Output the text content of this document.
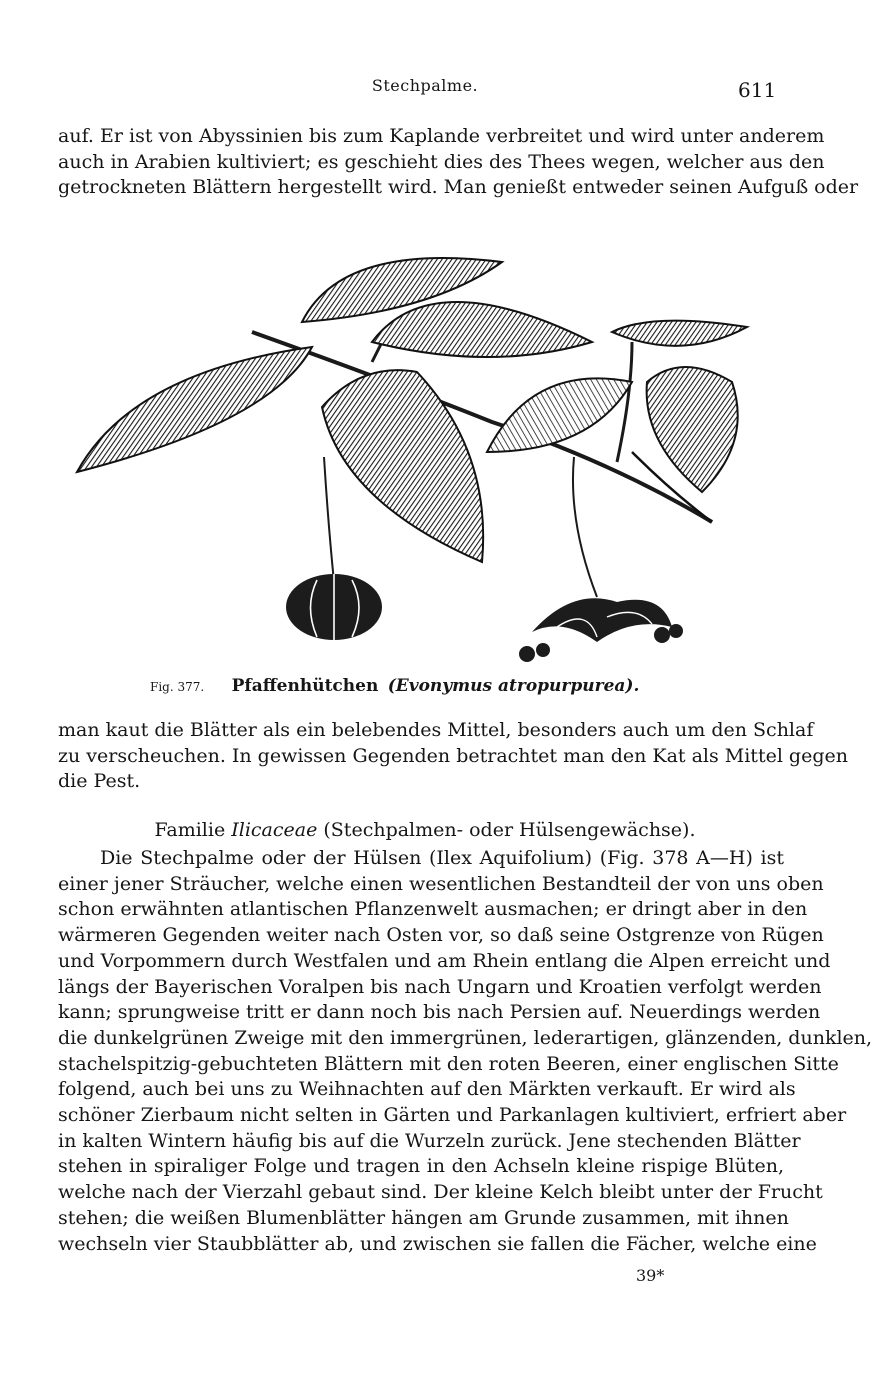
Stechpalme.	611
auf. Er ist von Abyssinien bis zum Kaplande verbreitet und wird unter anderem
auch in Arabien kultiviert; es geschieht dies des Thees wegen, welcher aus den
getrockneten Blättern hergestellt wird. Man genießt entweder seinen Aufguß oder
Fig. 377. Pfaffenhütchen (Evonymus atropurpurea).
man kaut die Blätter als ein belebendes Mittel, besonders auch um den Schlaf
zu verscheuchen. In gewissen Gegenden betrachtet man den Kat als Mittel gegen
die Pest.
Familie Ilicaceae (Stechpalmen- oder Hülsengewächse).
Die Stechpalme oder der Hülsen (Ilex Aquifolium) (Fig. 378 A—H) ist
einer jener Sträucher, welche einen wesentlichen Bestandteil der von uns oben
schon erwähnten atlantischen Pflanzenwelt ausmachen; er dringt aber in den
wärmeren Gegenden weiter nach Osten vor, so daß seine Ostgrenze von Rügen
und Vorpommern durch Westfalen und am Rhein entlang die Alpen erreicht und
längs der Bayerischen Voralpen bis nach Ungarn und Kroatien verfolgt werden
kann; sprungweise tritt er dann noch bis nach Persien auf. Neuerdings werden
die dunkelgrünen Zweige mit den immergrünen, lederartigen, glänzenden, dunklen,
stachelspitzig-gebuchteten Blättern mit den roten Beeren, einer englischen Sitte
folgend, auch bei uns zu Weihnachten auf den Märkten verkauft. Er wird als
schöner Zierbaum nicht selten in Gärten und Parkanlagen kultiviert, erfriert aber
in kalten Wintern häufig bis auf die Wurzeln zurück. Jene stechenden Blätter
stehen in spiraliger Folge und tragen in den Achseln kleine rispige Blüten,
welche nach der Vierzahl gebaut sind. Der kleine Kelch bleibt unter der Frucht
stehen; die weißen Blumenblätter hängen am Grunde zusammen, mit ihnen
wechseln vier Staubblätter ab, und zwischen sie fallen die Fächer, welche eine
39*
